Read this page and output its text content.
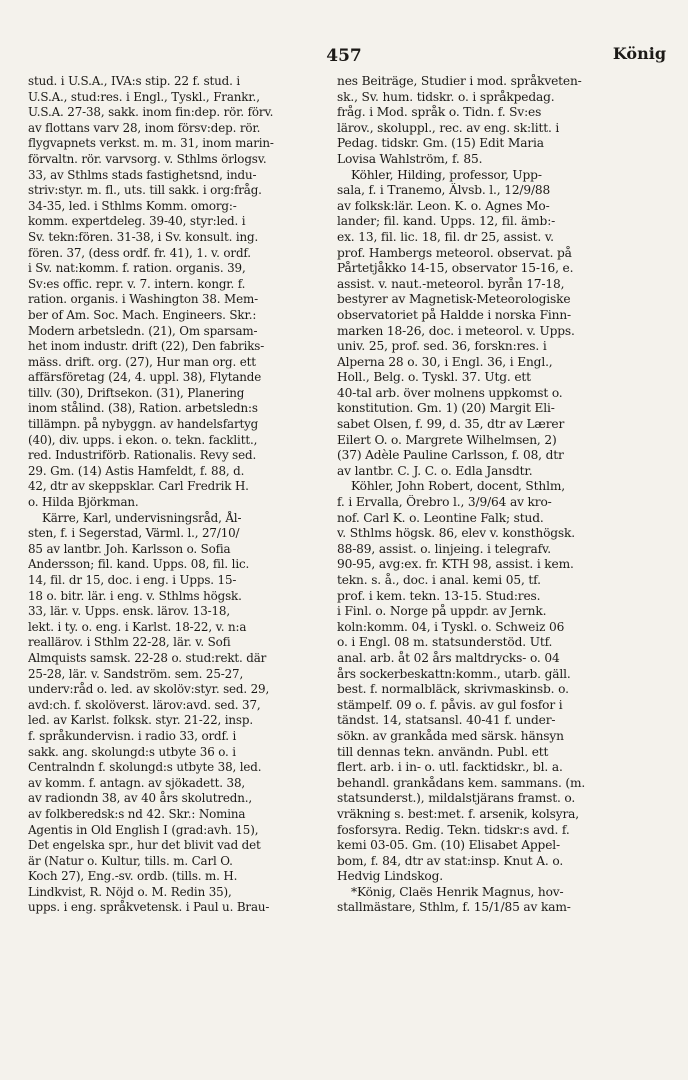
457	König
stud. i U.S.A., IVA:s stip. 22 f. stud. i
U.S.A., stud:res. i Engl., Tyskl., Frankr.,
U.S.A. 27-38, sakk. inom fin:dep. rör. förv.
av flottans varv 28, inom försv:dep. rör.
flygvapnets verkst. m. m. 31, inom marin-
förvaltn. rör. varvsorg. v. Sthlms örlogsv.
33, av Sthlms stads fastighetsnd, indu-
striv:styr. m. fl., uts. till sakk. i org:fråg.
34-35, led. i Sthlms Komm. omorg:-
komm. expertdeleg. 39-40, styr:led. i
Sv. tekn:fören. 31-38, i Sv. konsult. ing.
fören. 37, (dess ordf. fr. 41), 1. v. ordf.
i Sv. nat:komm. f. ration. organis. 39,
Sv:es offic. repr. v. 7. intern. kongr. f.
ration. organis. i Washington 38. Mem-
ber of Am. Soc. Mach. Engineers. Skr.:
Modern arbetsledn. (21), Om sparsam-
het inom industr. drift (22), Den fabriks-
mäss. drift. org. (27), Hur man org. ett
affärsföretag (24, 4. uppl. 38), Flytande
tillv. (30), Driftsekon. (31), Planering
inom stålind. (38), Ration. arbetsledn:s
tillämpn. på nybyggn. av handelsfartyg
(40), div. upps. i ekon. o. tekn. facklitt.,
red. Industriförb. Rationalis. Revy sed.
29. Gm. (14) Astis Hamfeldt, f. 88, d.
42, dtr av skeppsklar. Carl Fredrik H.
o. Hilda Björkman.
Kärre, Karl, undervisningsråd, Ål-
sten, f. i Segerstad, Värml. l., 27/10/
85 av lantbr. Joh. Karlsson o. Sofia
Andersson; fil. kand. Upps. 08, fil. lic.
14, fil. dr 15, doc. i eng. i Upps. 15-
18 o. bitr. lär. i eng. v. Sthlms högsk.
33, lär. v. Upps. ensk. lärov. 13-18,
lekt. i ty. o. eng. i Karlst. 18-22, v. n:a
reallärov. i Sthlm 22-28, lär. v. Sofi
Almquists samsk. 22-28 o. stud:rekt. där
25-28, lär. v. Sandström. sem. 25-27,
underv:råd o. led. av skolöv:styr. sed. 29,
avd:ch. f. skolöverst. lärov:avd. sed. 37,
led. av Karlst. folksk. styr. 21-22, insp.
f. språkundervisn. i radio 33, ordf. i
sakk. ang. skolungd:s utbyte 36 o. i
Centralndn f. skolungd:s utbyte 38, led.
av komm. f. antagn. av sjökadett. 38,
av radiondn 38, av 40 års skolutredn.,
av folkberedsk:s nd 42. Skr.: Nomina
Agentis in Old English I (grad:avh. 15),
Det engelska spr., hur det blivit vad det
är (Natur o. Kultur, tills. m. Carl O.
Koch 27), Eng.-sv. ordb. (tills. m. H.
Lindkvist, R. Nöjd o. M. Redin 35),
upps. i eng. språkvetensk. i Paul u. Brau-
nes Beiträge, Studier i mod. språkveten-
sk., Sv. hum. tidskr. o. i språkpedag.
fråg. i Mod. språk o. Tidn. f. Sv:es
lärov., skoluppl., rec. av eng. sk:litt. i
Pedag. tidskr. Gm. (15) Edit Maria
Lovisa Wahlström, f. 85.
Köhler, Hilding, professor, Upp-
sala, f. i Tranemo, Älvsb. l., 12/9/88
av folksk:lär. Leon. K. o. Agnes Mo-
lander; fil. kand. Upps. 12, fil. ämb:-
ex. 13, fil. lic. 18, fil. dr 25, assist. v.
prof. Hambergs meteorol. observat. på
Pårtetjåkko 14-15, observator 15-16, e.
assist. v. naut.-meteorol. byrån 17-18,
bestyrer av Magnetisk-Meteorologiske
observatoriet på Haldde i norska Finn-
marken 18-26, doc. i meteorol. v. Upps.
univ. 25, prof. sed. 36, forskn:res. i
Alperna 28 o. 30, i Engl. 36, i Engl.,
Holl., Belg. o. Tyskl. 37. Utg. ett
40-tal arb. över molnens uppkomst o.
konstitution. Gm. 1) (20) Margit Eli-
sabet Olsen, f. 99, d. 35, dtr av Lærer
Eilert O. o. Margrete Wilhelmsen, 2)
(37) Adèle Pauline Carlsson, f. 08, dtr
av lantbr. C. J. C. o. Edla Jansdtr.
Köhler, John Robert, docent, Sthlm,
f. i Ervalla, Örebro l., 3/9/64 av kro-
nof. Carl K. o. Leontine Falk; stud.
v. Sthlms högsk. 86, elev v. konsthögsk.
88-89, assist. o. linjeing. i telegrafv.
90-95, avg:ex. fr. KTH 98, assist. i kem.
tekn. s. å., doc. i anal. kemi 05, tf.
prof. i kem. tekn. 13-15. Stud:res.
i Finl. o. Norge på uppdr. av Jernk.
koln:komm. 04, i Tyskl. o. Schweiz 06
o. i Engl. 08 m. statsunderstöd. Utf.
anal. arb. åt 02 års maltdrycks- o. 04
års sockerbeskattn:komm., utarb. gäll.
best. f. normalbläck, skrivmaskinsb. o.
stämpelf. 09 o. f. påvis. av gul fosfor i
tändst. 14, statsansl. 40-41 f. under-
sökn. av grankåda med särsk. hänsyn
till dennas tekn. användn. Publ. ett
flert. arb. i in- o. utl. facktidskr., bl. a.
behandl. grankådans kem. sammans. (m.
statsunderst.), mildalstjärans framst. o.
vräkning s. best:met. f. arsenik, kolsyra,
fosforsyra. Redig. Tekn. tidskr:s avd. f.
kemi 03-05. Gm. (10) Elisabet Appel-
bom, f. 84, dtr av stat:insp. Knut A. o.
Hedvig Lindskog.
*König, Claës Henrik Magnus, hov-
stallmästare, Sthlm, f. 15/1/85 av kam-
